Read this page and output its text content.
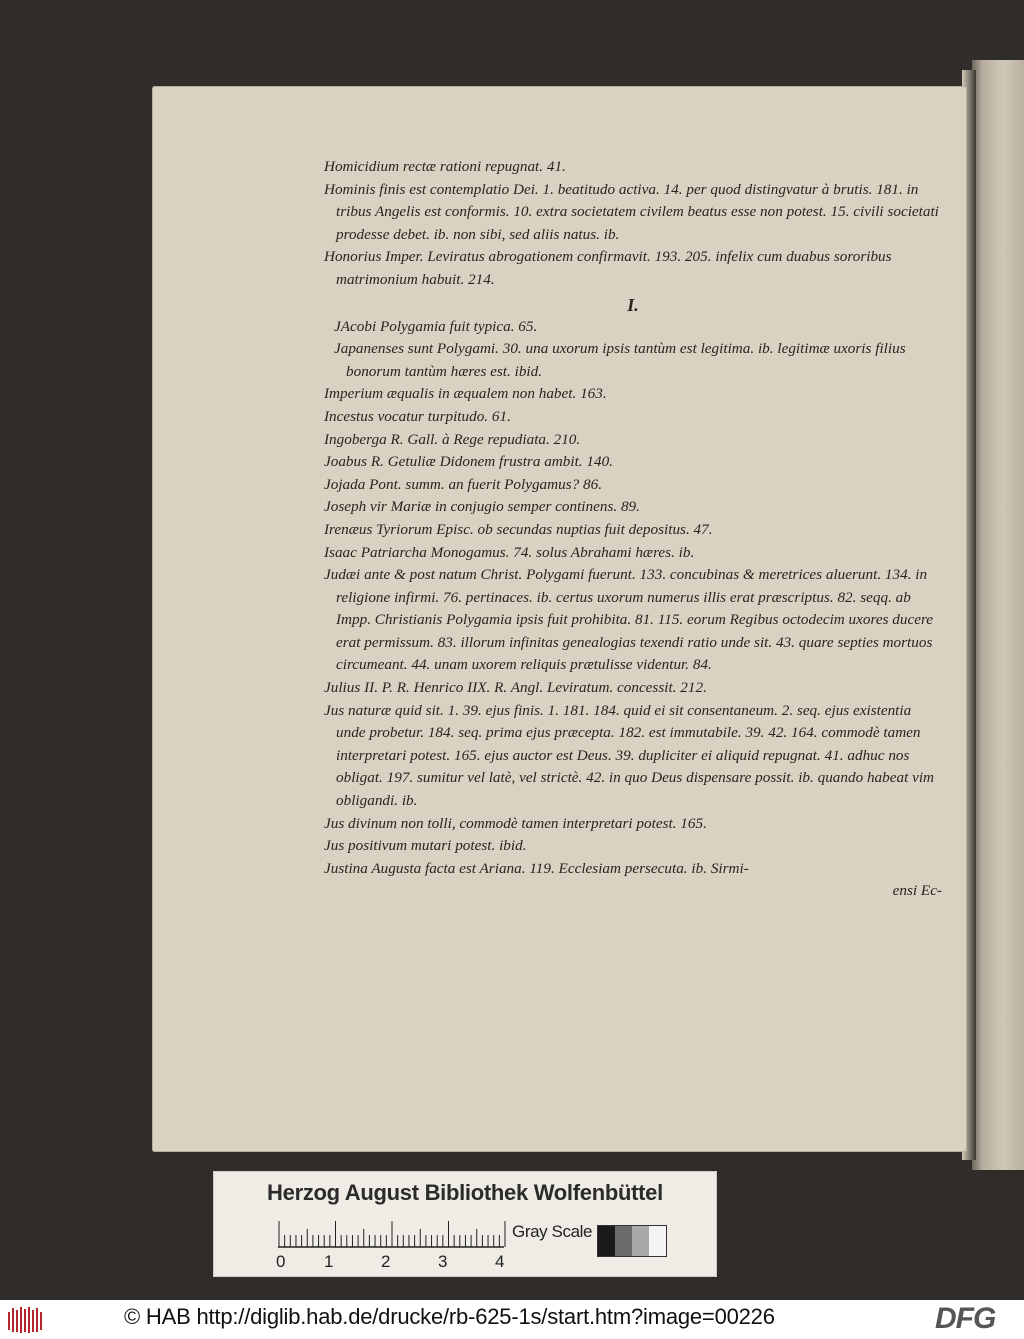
Homicidium rectæ rationi repugnat. 41.

Hominis finis est contemplatio Dei. 1. beatitudo activa. 14. per quod distingvatur à brutis. 181. in tribus Angelis est conformis. 10. extra societatem civilem beatus esse non potest. 15. civili societati prodesse debet. ib. non sibi, sed aliis natus. ib.

Honorius Imper. Leviratus abrogationem confirmavit. 193. 205. infelix cum duabus sororibus matrimonium habuit. 214.

I.

JAcobi Polygamia fuit typica. 65.

Japanenses sunt Polygami. 30. una uxorum ipsis tantùm est legitima. ib. legitimæ uxoris filius bonorum tantùm hæres est. ibid.

Imperium æqualis in æqualem non habet. 163.

Incestus vocatur turpitudo. 61.

Ingoberga R. Gall. à Rege repudiata. 210.

Joabus R. Getuliæ Didonem frustra ambit. 140.

Jojada Pont. summ. an fuerit Polygamus? 86.

Joseph vir Mariæ in conjugio semper continens. 89.

Irenæus Tyriorum Episc. ob secundas nuptias fuit depositus. 47.

Isaac Patriarcha Monogamus. 74. solus Abrahami hæres. ib.

Judæi ante & post natum Christ. Polygami fuerunt. 133. concubinas & meretrices aluerunt. 134. in religione infirmi. 76. pertinaces. ib. certus uxorum numerus illis erat præscriptus. 82. seqq. ab Impp. Christianis Polygamia ipsis fuit prohibita. 81. 115. eorum Regibus octodecim uxores ducere erat permissum. 83. illorum infinitas genealogias texendi ratio unde sit. 43. quare septies mortuos circumeant. 44. unam uxorem reliquis prætulisse videntur. 84.

Julius II. P. R. Henrico IIX. R. Angl. Leviratum. concessit. 212.

Jus naturæ quid sit. 1. 39. ejus finis. 1. 181. 184. quid ei sit consentaneum. 2. seq. ejus existentia unde probetur. 184. seq. prima ejus præcepta. 182. est immutabile. 39. 42. 164. commodè tamen interpretari potest. 165. ejus auctor est Deus. 39. dupliciter ei aliquid repugnat. 41. adhuc nos obligat. 197. sumitur vel latè, vel strictè. 42. in quo Deus dispensare possit. ib. quando habeat vim obligandi. ib.

Jus divinum non tolli, commodè tamen interpretari potest. 165.

Jus positivum mutari potest. ibid.

Justina Augusta facta est Ariana. 119. Ecclesiam persecuta. ib. Sirmi-

ensi Ec-

Herzog August Bibliothek Wolfenbüttel
0 1	2	3	4
Gray Scale
© HAB http://diglib.hab.de/drucke/rb-625-1s/start.htm?image=00226	DFG
